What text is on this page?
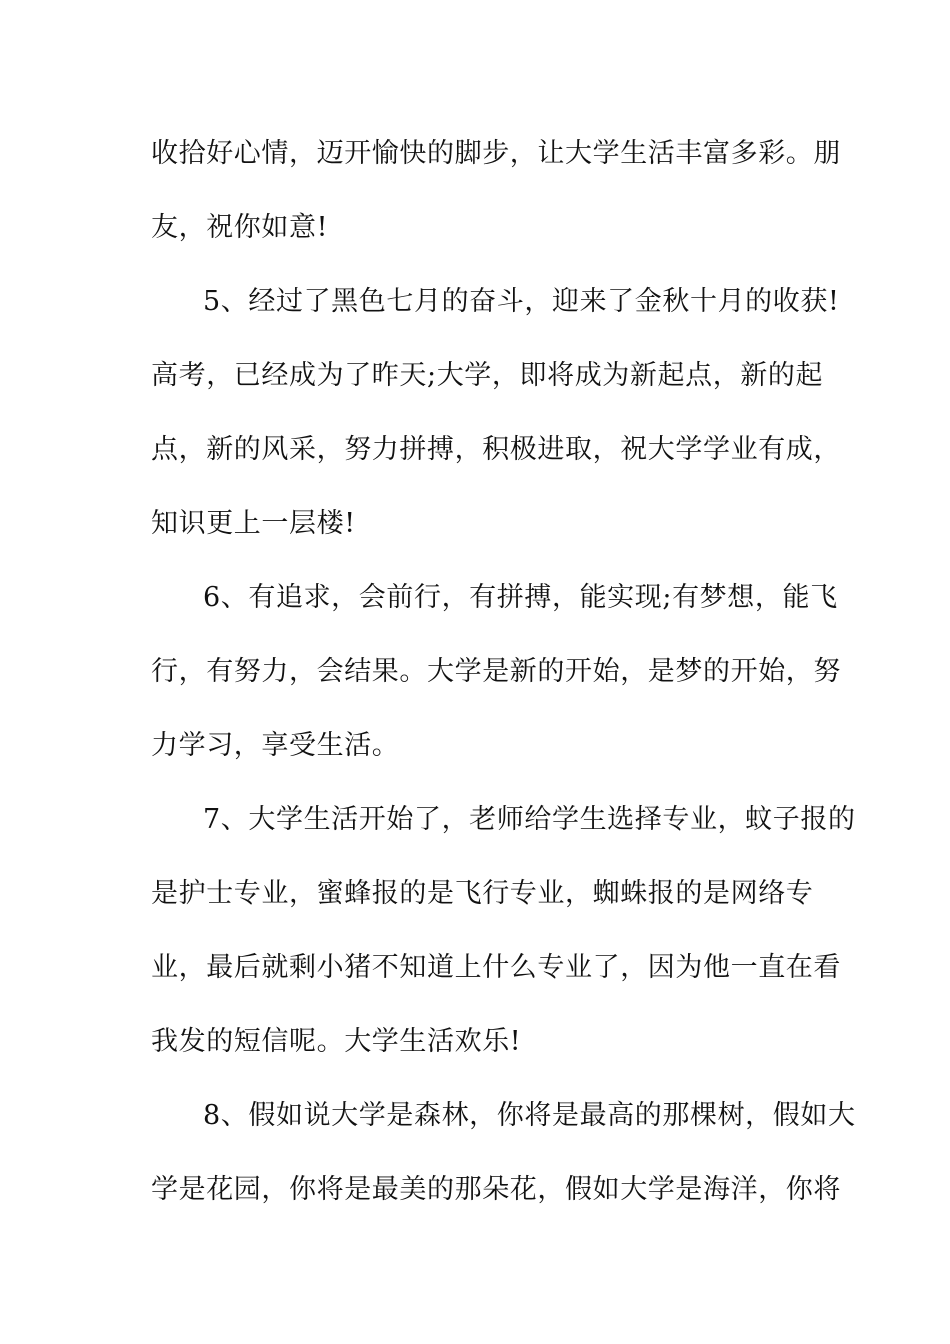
收拾好心情，迈开愉快的脚步，让大学生活丰富多彩。朋
友，祝你如意!
5、经过了黑色七月的奋斗，迎来了金秋十月的收获!
高考，已经成为了昨天;大学，即将成为新起点，新的起
点，新的风采，努力拼搏，积极进取，祝大学学业有成，
知识更上一层楼!
6、有追求，会前行，有拼搏，能实现;有梦想，能飞
行，有努力，会结果。大学是新的开始，是梦的开始，努
力学习，享受生活。
7、大学生活开始了，老师给学生选择专业，蚊子报的
是护士专业，蜜蜂报的是飞行专业，蜘蛛报的是网络专
业，最后就剩小猪不知道上什么专业了，因为他一直在看
我发的短信呢。大学生活欢乐!
8、假如说大学是森林，你将是最高的那棵树，假如大
学是花园，你将是最美的那朵花，假如大学是海洋，你将
